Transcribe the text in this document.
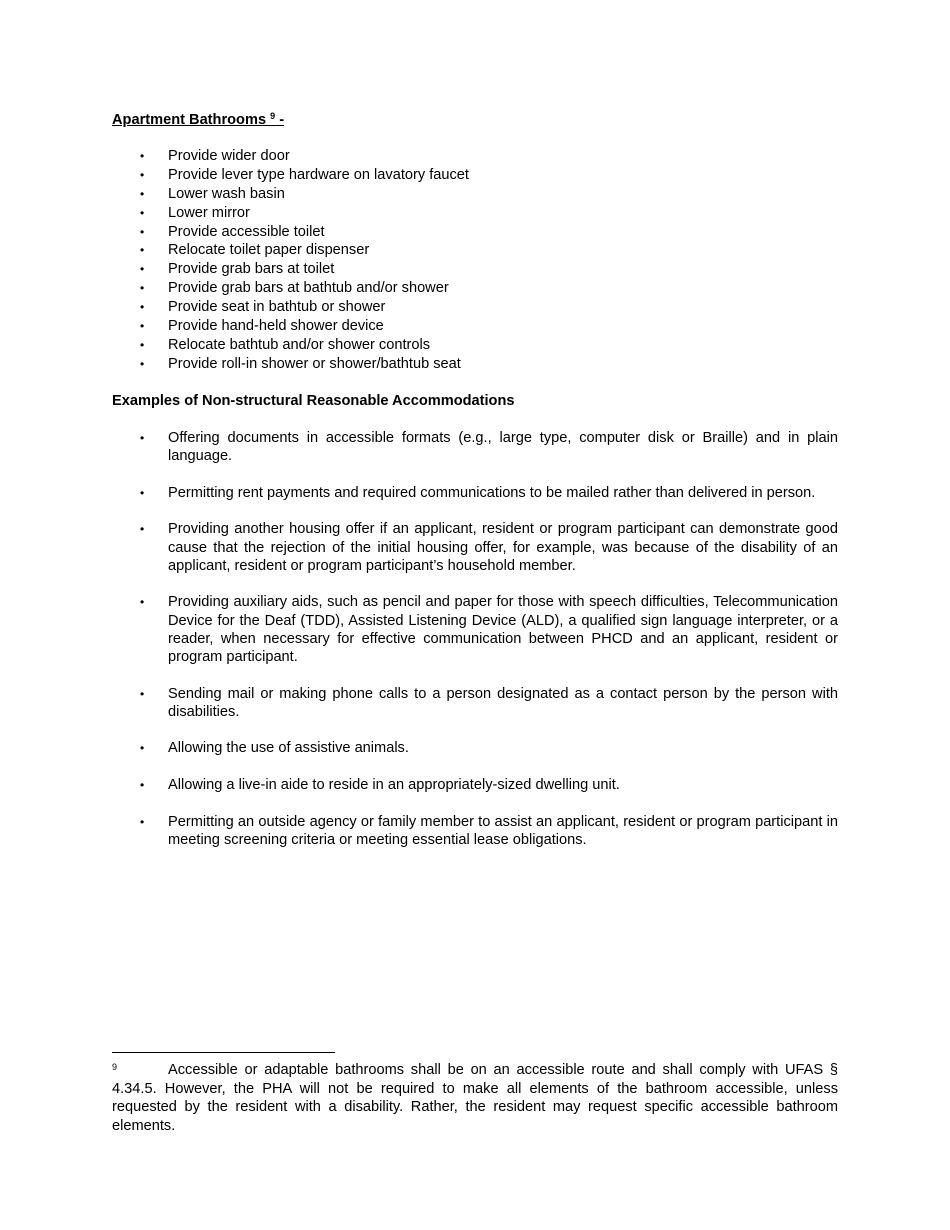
Apartment Bathrooms $^9$ -
• Provide wider door
• Provide lever type hardware on lavatory faucet
• Lower wash basin
• Lower mirror
• Provide accessible toilet
• Relocate toilet paper dispenser
• Provide grab bars at toilet
• Provide grab bars at bathtub and/or shower
• Provide seat in bathtub or shower
• Provide hand-held shower device
• Relocate bathtub and/or shower controls
• Provide roll-in shower or shower/bathtub seat
Examples of Non-structural Reasonable Accommodations
• Offering documents in accessible formats (e.g., large type, computer disk or Braille) and in plain language.
• Permitting rent payments and required communications to be mailed rather than delivered in person.
• Providing another housing offer if an applicant, resident or program participant can demonstrate good cause that the rejection of the initial housing offer, for example, was because of the disability of an applicant, resident or program participant’s household member.
• Providing auxiliary aids, such as pencil and paper for those with speech difficulties, Telecommunication Device for the Deaf (TDD), Assisted Listening Device (ALD), a qualified sign language interpreter, or a reader, when necessary for effective communication between PHCD and an applicant, resident or program participant.
• Sending mail or making phone calls to a person designated as a contact person by the person with disabilities.
• Allowing the use of assistive animals.
• Allowing a live-in aide to reside in an appropriately-sized dwelling unit.
• Permitting an outside agency or family member to assist an applicant, resident or program participant in meeting screening criteria or meeting essential lease obligations.
9	Accessible or adaptable bathrooms shall be on an accessible route and shall comply with UFAS § 4.34.5. However, the PHA will not be required to make all elements of the bathroom accessible, unless requested by the resident with a disability. Rather, the resident may request specific accessible bathroom elements.
